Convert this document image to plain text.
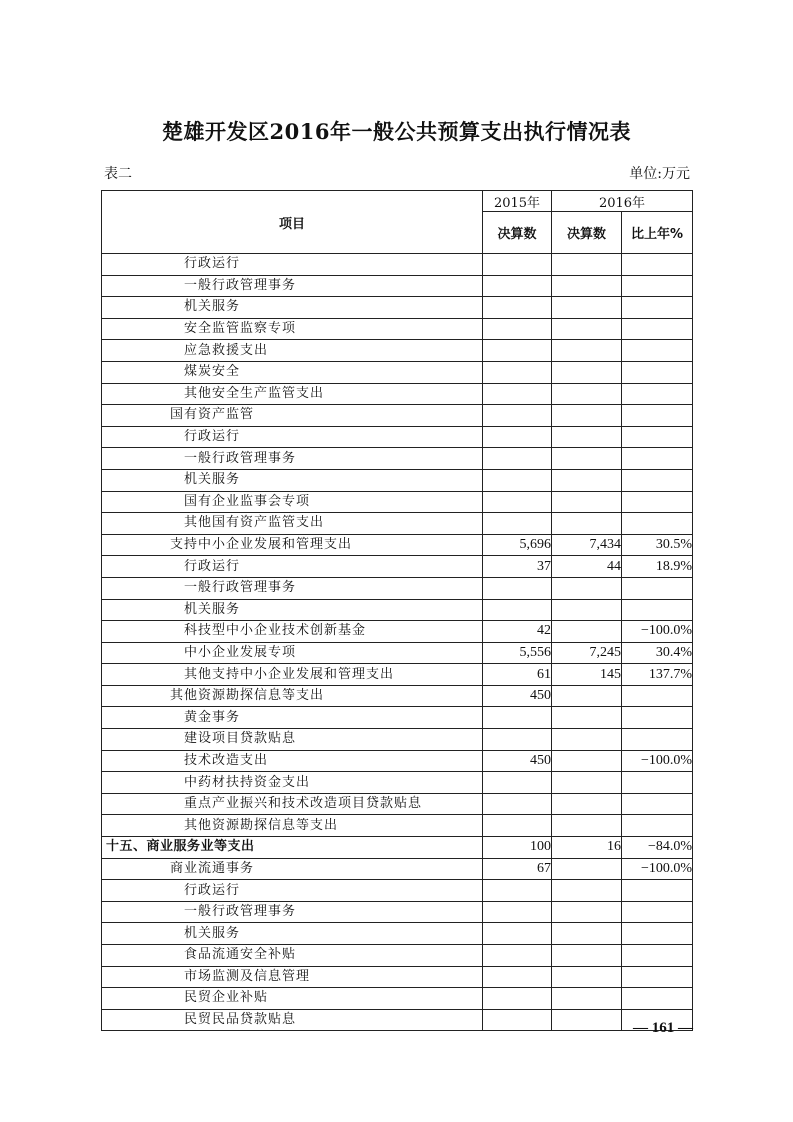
楚雄开发区2016年一般公共预算支出执行情况表
表二	单位:万元
项目	2015年	2016年	
	决算数	决算数	比上年%
行政运行			
一般行政管理事务			
机关服务			
安全监管监察专项			
应急救援支出			
煤炭安全			
其他安全生产监管支出			
国有资产监管			
行政运行			
一般行政管理事务			
机关服务			
国有企业监事会专项			
其他国有资产监管支出			
支持中小企业发展和管理支出	5,696	7,434	30.5%
行政运行	37	44	18.9%
一般行政管理事务			
机关服务			
科技型中小企业技术创新基金	42		−100.0%
中小企业发展专项	5,556	7,245	30.4%
其他支持中小企业发展和管理支出	61	145	137.7%
其他资源勘探信息等支出	450		
黄金事务			
建设项目贷款贴息			
技术改造支出	450		−100.0%
中药材扶持资金支出			
重点产业振兴和技术改造项目贷款贴息			
其他资源勘探信息等支出			
十五、商业服务业等支出	100	16	−84.0%
商业流通事务	67		−100.0%
行政运行			
一般行政管理事务			
机关服务			
食品流通安全补贴			
市场监测及信息管理			
民贸企业补贴			
民贸民品贷款贴息			
— 161 —
